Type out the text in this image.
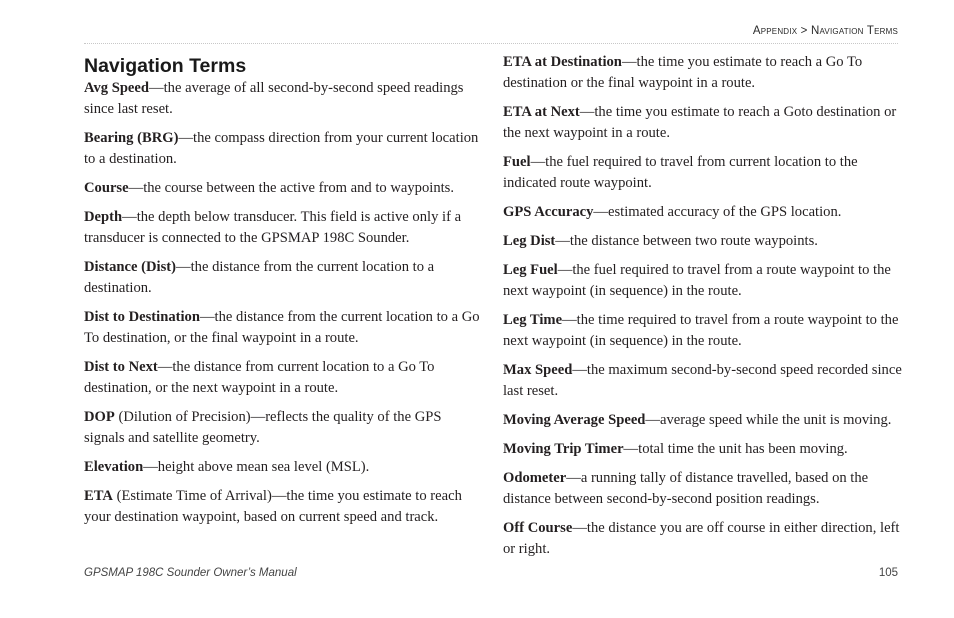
Appendix > Navigation Terms
Navigation Terms

Avg Speed—the average of all second-by-second speed readings since last reset.

Bearing (BRG)—the compass direction from your current location to a destination.

Course—the course between the active from and to waypoints.

Depth—the depth below transducer. This field is active only if a transducer is connected to the GPSMAP 198C Sounder.

Distance (Dist)—the distance from the current location to a destination.

Dist to Destination—the distance from the current location to a Go To destination, or the final waypoint in a route.

Dist to Next—the distance from current location to a Go To destination, or the next waypoint in a route.

DOP (Dilution of Precision)—reflects the quality of the GPS signals and satellite geometry.

Elevation—height above mean sea level (MSL).

ETA (Estimate Time of Arrival)—the time you estimate to reach your destination waypoint, based on current speed and track.

ETA at Destination—the time you estimate to reach a Go To destination or the final waypoint in a route.

ETA at Next—the time you estimate to reach a Goto destination or the next waypoint in a route.

Fuel—the fuel required to travel from current location to the indicated route waypoint.

GPS Accuracy—estimated accuracy of the GPS location.

Leg Dist—the distance between two route waypoints.

Leg Fuel—the fuel required to travel from a route waypoint to the next waypoint (in sequence) in the route.

Leg Time—the time required to travel from a route waypoint to the next waypoint (in sequence) in the route.

Max Speed—the maximum second-by-second speed recorded since last reset.

Moving Average Speed—average speed while the unit is moving.

Moving Trip Timer—total time the unit has been moving.

Odometer—a running tally of distance travelled, based on the distance between second-by-second position readings.

Off Course—the distance you are off course in either direction, left or right.

GPSMAP 198C Sounder Owner’s Manual	105
